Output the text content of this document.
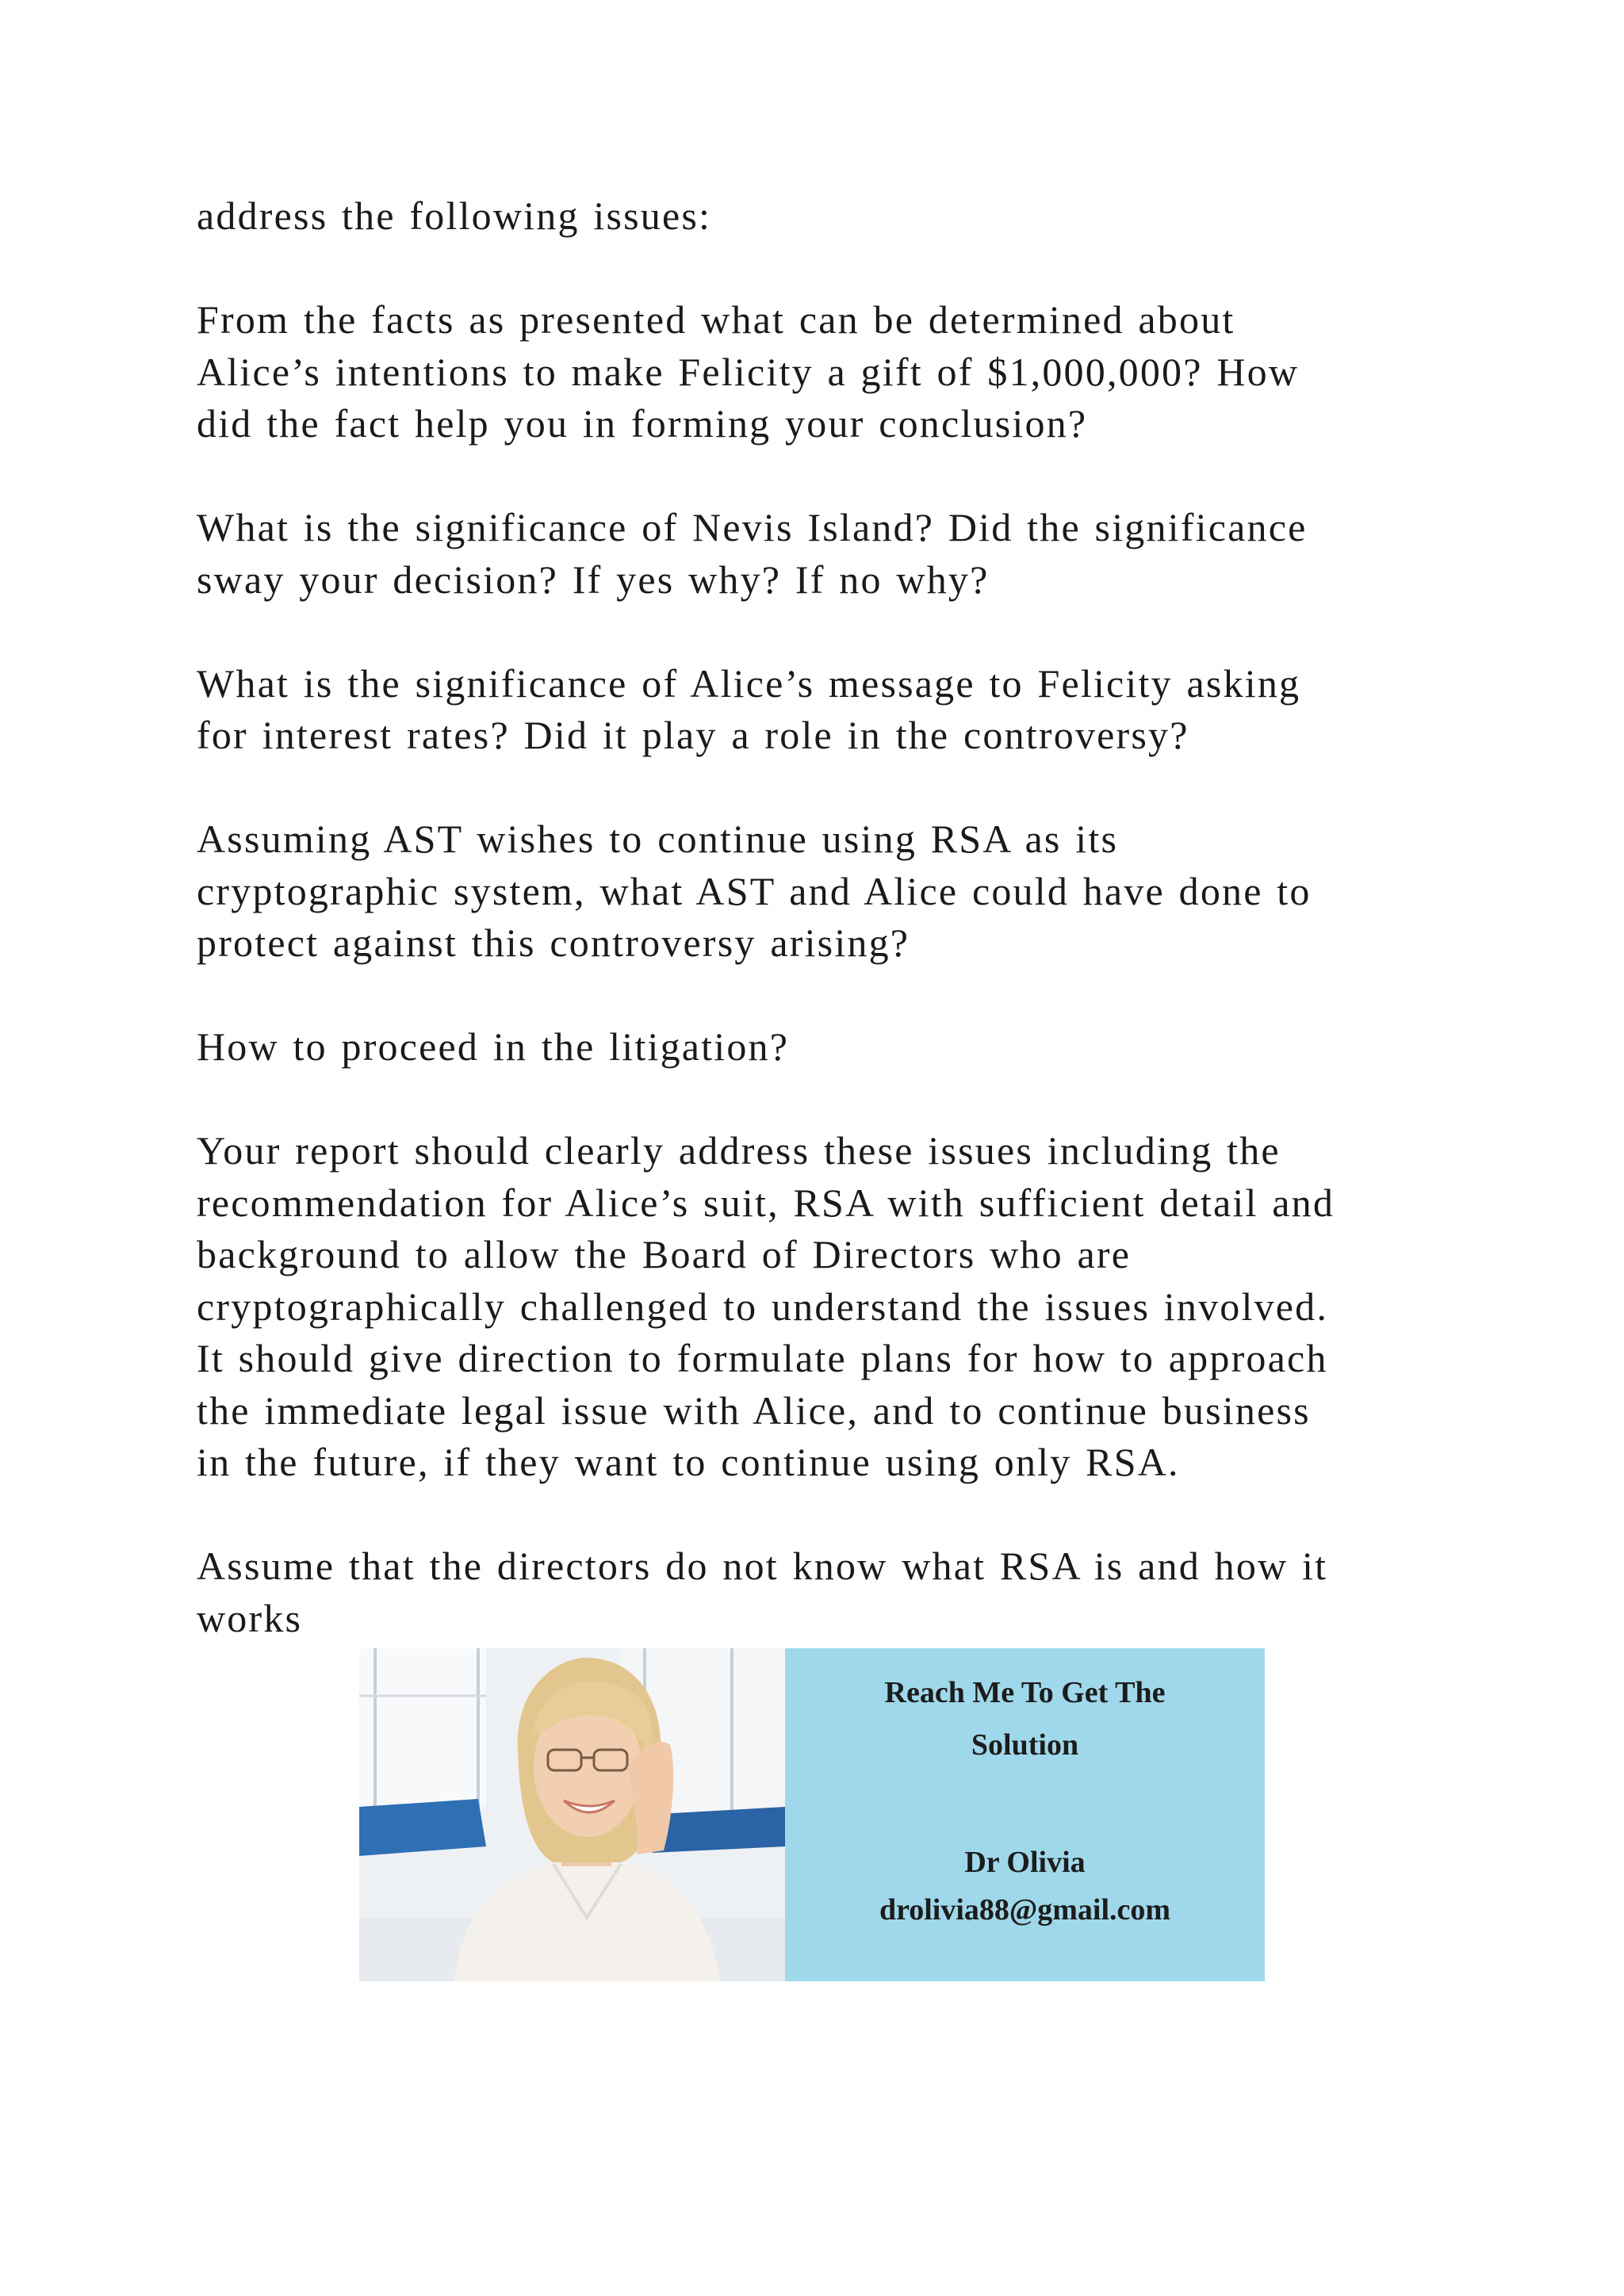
address the following issues:

From the facts as presented what can be determined about
Alice’s intentions to make Felicity a gift of $1,000,000? How
did the fact help you in forming your conclusion?

What is the significance of Nevis Island? Did the significance
sway your decision? If yes why? If no why?

What is the significance of Alice’s message to Felicity asking
for interest rates? Did it play a role in the controversy?

Assuming AST wishes to continue using RSA as its
cryptographic system, what AST and Alice could have done to
protect against this controversy arising?

How to proceed in the litigation?

Your report should clearly address these issues including the
recommendation for Alice’s suit, RSA with sufficient detail and
background to allow the Board of Directors who are
cryptographically challenged to understand the issues involved.
It should give direction to formulate plans for how to approach
the immediate legal issue with Alice, and to continue business
in the future, if they want to continue using only RSA.

Assume that the directors do not know what RSA is and how it
works

Reach Me To Get The
Solution
Dr Olivia
drolivia88@gmail.com
